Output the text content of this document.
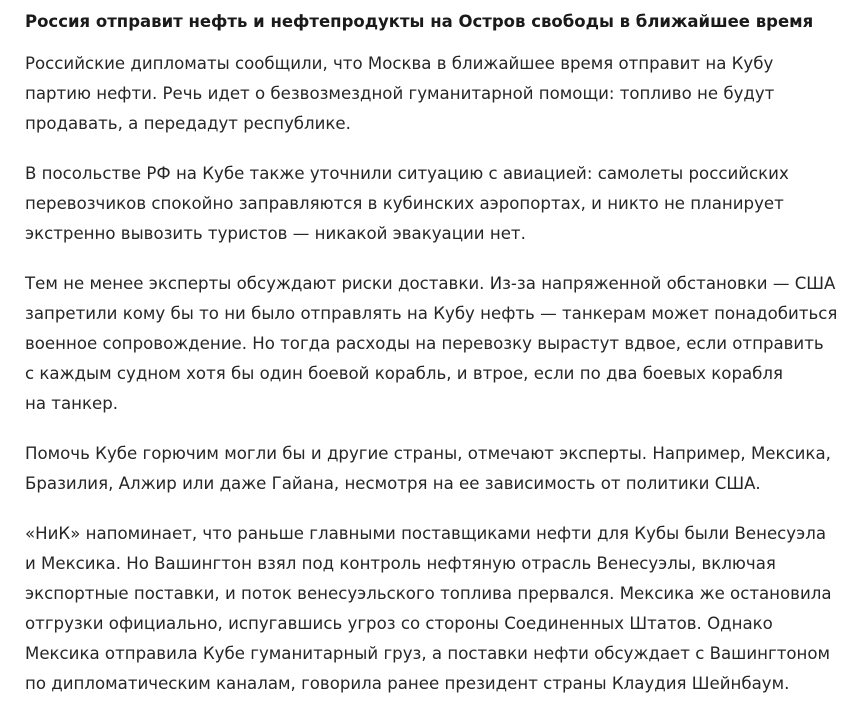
Россия отправит нефть и нефтепродукты на Остров свободы в ближайшее время
Российские дипломаты сообщили, что Москва в ближайшее время отправит на Кубу
партию нефти. Речь идет о безвозмездной гуманитарной помощи: топливо не будут
продавать, а передадут республике.
В посольстве РФ на Кубе также уточнили ситуацию с авиацией: самолеты российских
перевозчиков спокойно заправляются в кубинских аэропортах, и никто не планирует
экстренно вывозить туристов — никакой эвакуации нет.
Тем не менее эксперты обсуждают риски доставки. Из-за напряженной обстановки — США
запретили кому бы то ни было отправлять на Кубу нефть — танкерам может понадобиться
военное сопровождение. Но тогда расходы на перевозку вырастут вдвое, если отправить
с каждым судном хотя бы один боевой корабль, и втрое, если по два боевых корабля
на танкер.
Помочь Кубе горючим могли бы и другие страны, отмечают эксперты. Например, Мексика,
Бразилия, Алжир или даже Гайана, несмотря на ее зависимость от политики США.
«НиК» напоминает, что раньше главными поставщиками нефти для Кубы были Венесуэла
и Мексика. Но Вашингтон взял под контроль нефтяную отрасль Венесуэлы, включая
экспортные поставки, и поток венесуэльского топлива прервался. Мексика же остановила
отгрузки официально, испугавшись угроз со стороны Соединенных Штатов. Однако
Мексика отправила Кубе гуманитарный груз, а поставки нефти обсуждает с Вашингтоном
по дипломатическим каналам, говорила ранее президент страны Клаудия Шейнбаум.
